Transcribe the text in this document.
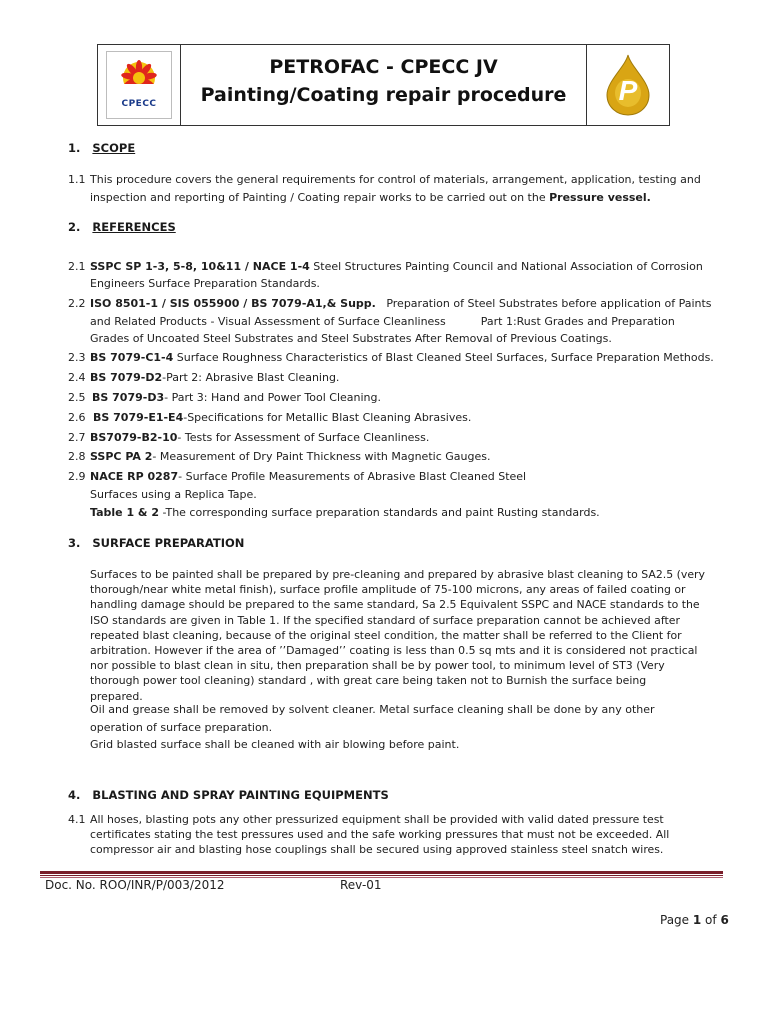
CPECC
PETROFAC - CPECC JV
Painting/Coating repair procedure	P
1. SCOPE
1.1 This procedure covers the general requirements for control of materials, arrangement, application, testing and
inspection and reporting of Painting / Coating repair works to be carried out on the Pressure vessel.
2. REFERENCES
2.1 SSPC SP 1-3, 5-8, 10&11 / NACE 1-4 Steel Structures Painting Council and National Association of Corrosion
Engineers Surface Preparation Standards.
2.2 ISO 8501-1 / SIS 055900 / BS 7079-A1,& Supp.   Preparation of Steel Substrates before application of Paints
and Related Products - Visual Assessment of Surface Cleanliness          Part 1:Rust Grades and Preparation
Grades of Uncoated Steel Substrates and Steel Substrates After Removal of Previous Coatings.
2.3 BS 7079-C1-4 Surface Roughness Characteristics of Blast Cleaned Steel Surfaces, Surface Preparation Methods.
2.4 BS 7079-D2-Part 2: Abrasive Blast Cleaning.
2.5 BS 7079-D3- Part 3: Hand and Power Tool Cleaning.
2.6 BS 7079-E1-E4-Specifications for Metallic Blast Cleaning Abrasives.
2.7 BS7079-B2-10- Tests for Assessment of Surface Cleanliness.
2.8 SSPC PA 2- Measurement of Dry Paint Thickness with Magnetic Gauges.
2.9 NACE RP 0287- Surface Profile Measurements of Abrasive Blast Cleaned Steel
Surfaces using a Replica Tape.
Table 1 & 2 -The corresponding surface preparation standards and paint Rusting standards.
3. SURFACE PREPARATION
Surfaces to be painted shall be prepared by pre-cleaning and prepared by abrasive blast cleaning to SA2.5 (very
thorough/near white metal finish), surface profile amplitude of 75-100 microns, any areas of failed coating or
handling damage should be prepared to the same standard, Sa 2.5 Equivalent SSPC and NACE standards to the
ISO standards are given in Table 1. If the specified standard of surface preparation cannot be achieved after
repeated blast cleaning, because of the original steel condition, the matter shall be referred to the Client for
arbitration. However if the area of ’’Damaged’’ coating is less than 0.5 sq mts and it is considered not practical
nor possible to blast clean in situ, then preparation shall be by power tool, to minimum level of ST3 (Very
thorough power tool cleaning) standard , with great care being taken not to Burnish the surface being
prepared.
Oil and grease shall be removed by solvent cleaner. Metal surface cleaning shall be done by any other
operation of surface preparation.
Grid blasted surface shall be cleaned with air blowing before paint.
4. BLASTING AND SPRAY PAINTING EQUIPMENTS
4.1 All hoses, blasting pots any other pressurized equipment shall be provided with valid dated pressure test
certificates stating the test pressures used and the safe working pressures that must not be exceeded. All
compressor air and blasting hose couplings shall be secured using approved stainless steel snatch wires.
Doc. No. ROO/INR/P/003/2012	Rev-01
Page 1 of 6
